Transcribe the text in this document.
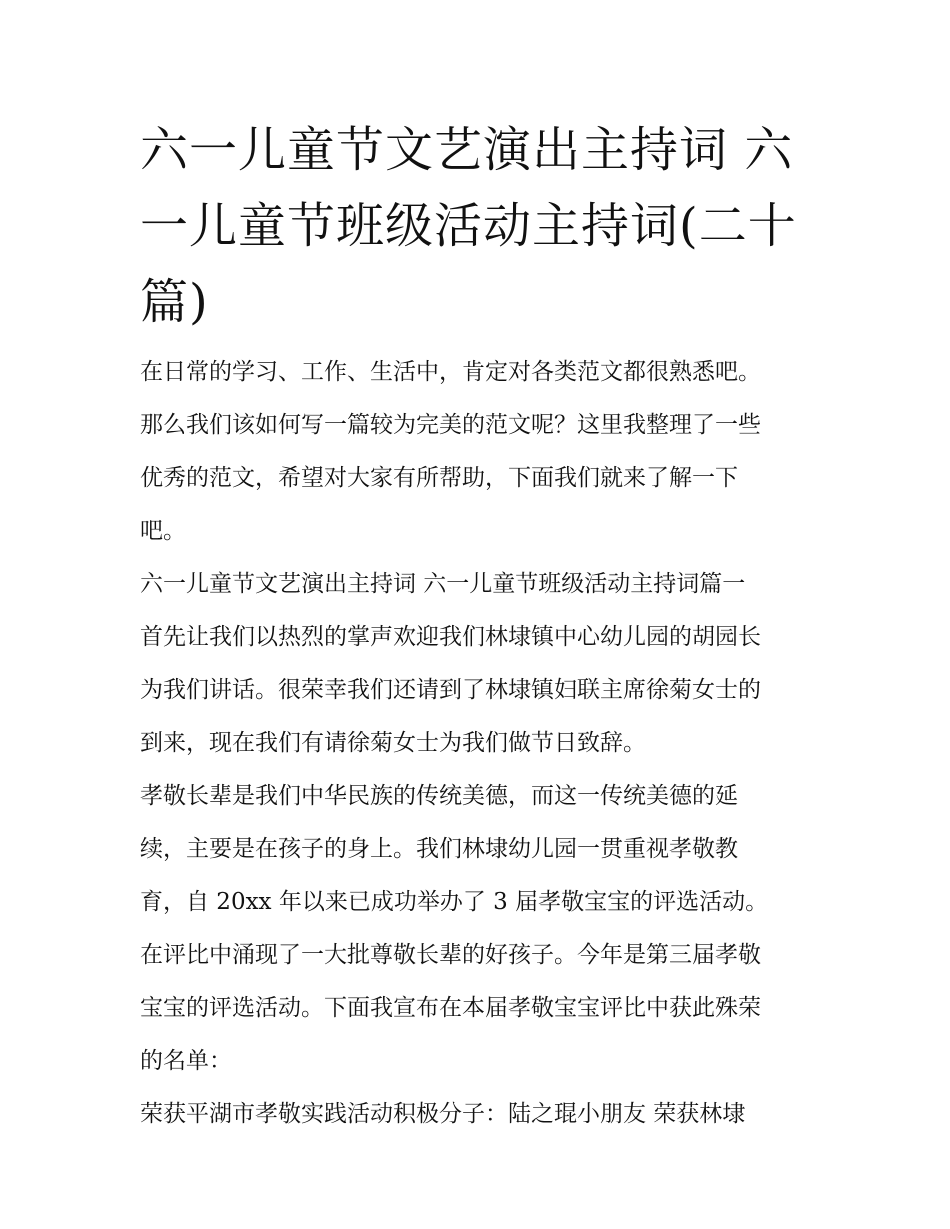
六一儿童节文艺演出主持词 六
一儿童节班级活动主持词(二十
篇)

在日常的学习、工作、生活中，肯定对各类范文都很熟悉吧。
那么我们该如何写一篇较为完美的范文呢？这里我整理了一些
优秀的范文，希望对大家有所帮助，下面我们就来了解一下
吧。

六一儿童节文艺演出主持词 六一儿童节班级活动主持词篇一

首先让我们以热烈的掌声欢迎我们林埭镇中心幼儿园的胡园长
为我们讲话。很荣幸我们还请到了林埭镇妇联主席徐菊女士的
到来，现在我们有请徐菊女士为我们做节日致辞。

孝敬长辈是我们中华民族的传统美德，而这一传统美德的延
续，主要是在孩子的身上。我们林埭幼儿园一贯重视孝敬教
育，自 20xx 年以来已成功举办了 3 届孝敬宝宝的评选活动。
在评比中涌现了一大批尊敬长辈的好孩子。今年是第三届孝敬
宝宝的评选活动。下面我宣布在本届孝敬宝宝评比中获此殊荣
的名单：

荣获平湖市孝敬实践活动积极分子：陆之琨小朋友 荣获林埭
